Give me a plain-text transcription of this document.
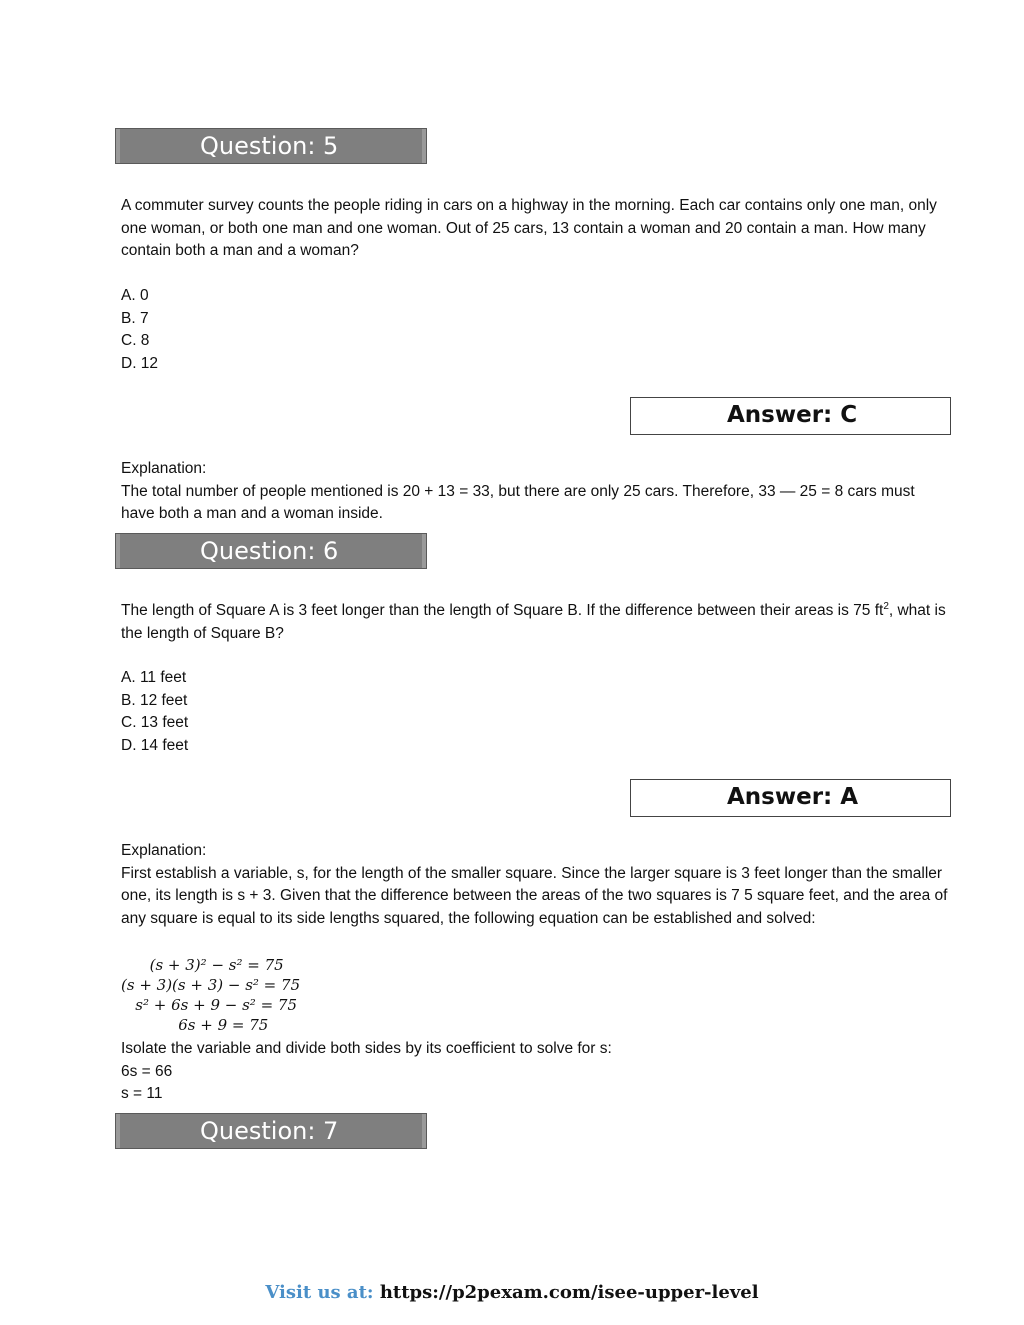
Question: 5

A commuter survey counts the people riding in cars on a highway in the morning. Each car contains only one man, only one woman, or both one man and one woman. Out of 25 cars, 13 contain a woman and 20 contain a man. How many contain both a man and a woman?

A. 0
B. 7
C. 8
D. 12
Answer: C

Explanation:

The total number of people mentioned is 20 + 13 = 33, but there are only 25 cars. Therefore, 33 — 25 = 8 cars must have both a man and a woman inside.

Question: 6

The length of Square A is 3 feet longer than the length of Square B. If the difference between their areas is 75 $ft^2$, what is the length of Square B?

A. 11 feet
B. 12 feet
C. 13 feet
D. 14 feet
Answer: A

Explanation:

First establish a variable, s, for the length of the smaller square. Since the larger square is 3 feet longer than the smaller one, its length is s + 3. Given that the difference between the areas of the two squares is 7 5 square feet, and the area of any square is equal to its side lengths squared, the following equation can be established and solved:

(s + 3)² − s² = 75
(s + 3)(s + 3) − s² = 75
s² + 6s + 9 − s² = 75
6s + 9 = 75

Isolate the variable and divide both sides by its coefficient to solve for s:

6s = 66

s = 11

Question: 7
Visit us at: https://p2pexam.com/isee-upper-level
